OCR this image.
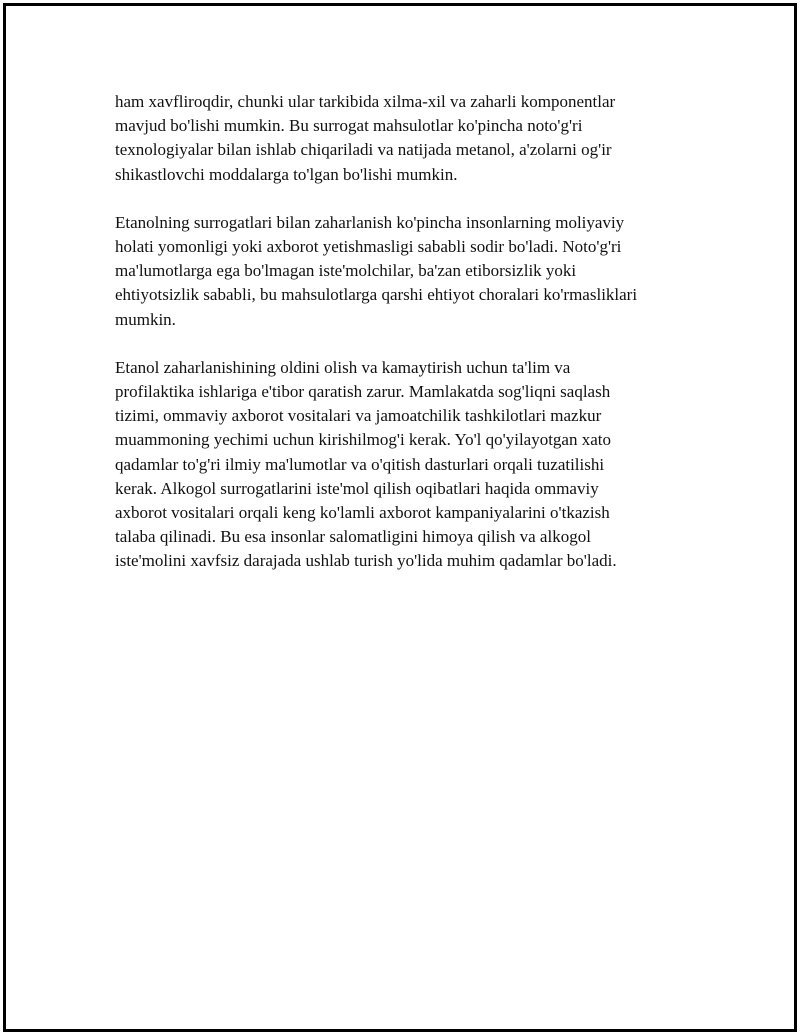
ham xavfliroqdir, chunki ular tarkibida xilma-xil va zaharli komponentlar
mavjud bo'lishi mumkin. Bu surrogat mahsulotlar ko'pincha noto'g'ri
texnologiyalar bilan ishlab chiqariladi va natijada metanol, a'zolarni og'ir
shikastlovchi moddalarga to'lgan bo'lishi mumkin.

Etanolning surrogatlari bilan zaharlanish ko'pincha insonlarning moliyaviy
holati yomonligi yoki axborot yetishmasligi sababli sodir bo'ladi. Noto'g'ri
ma'lumotlarga ega bo'lmagan iste'molchilar, ba'zan etiborsizlik yoki
ehtiyotsizlik sababli, bu mahsulotlarga qarshi ehtiyot choralari ko'rmasliklari
mumkin.

Etanol zaharlanishining oldini olish va kamaytirish uchun ta'lim va
profilaktika ishlariga e'tibor qaratish zarur. Mamlakatda sog'liqni saqlash
tizimi, ommaviy axborot vositalari va jamoatchilik tashkilotlari mazkur
muammoning yechimi uchun kirishilmog'i kerak. Yo'l qo'yilayotgan xato
qadamlar to'g'ri ilmiy ma'lumotlar va o'qitish dasturlari orqali tuzatilishi
kerak. Alkogol surrogatlarini iste'mol qilish oqibatlari haqida ommaviy
axborot vositalari orqali keng ko'lamli axborot kampaniyalarini o'tkazish
talaba qilinadi. Bu esa insonlar salomatligini himoya qilish va alkogol
iste'molini xavfsiz darajada ushlab turish yo'lida muhim qadamlar bo'ladi.
